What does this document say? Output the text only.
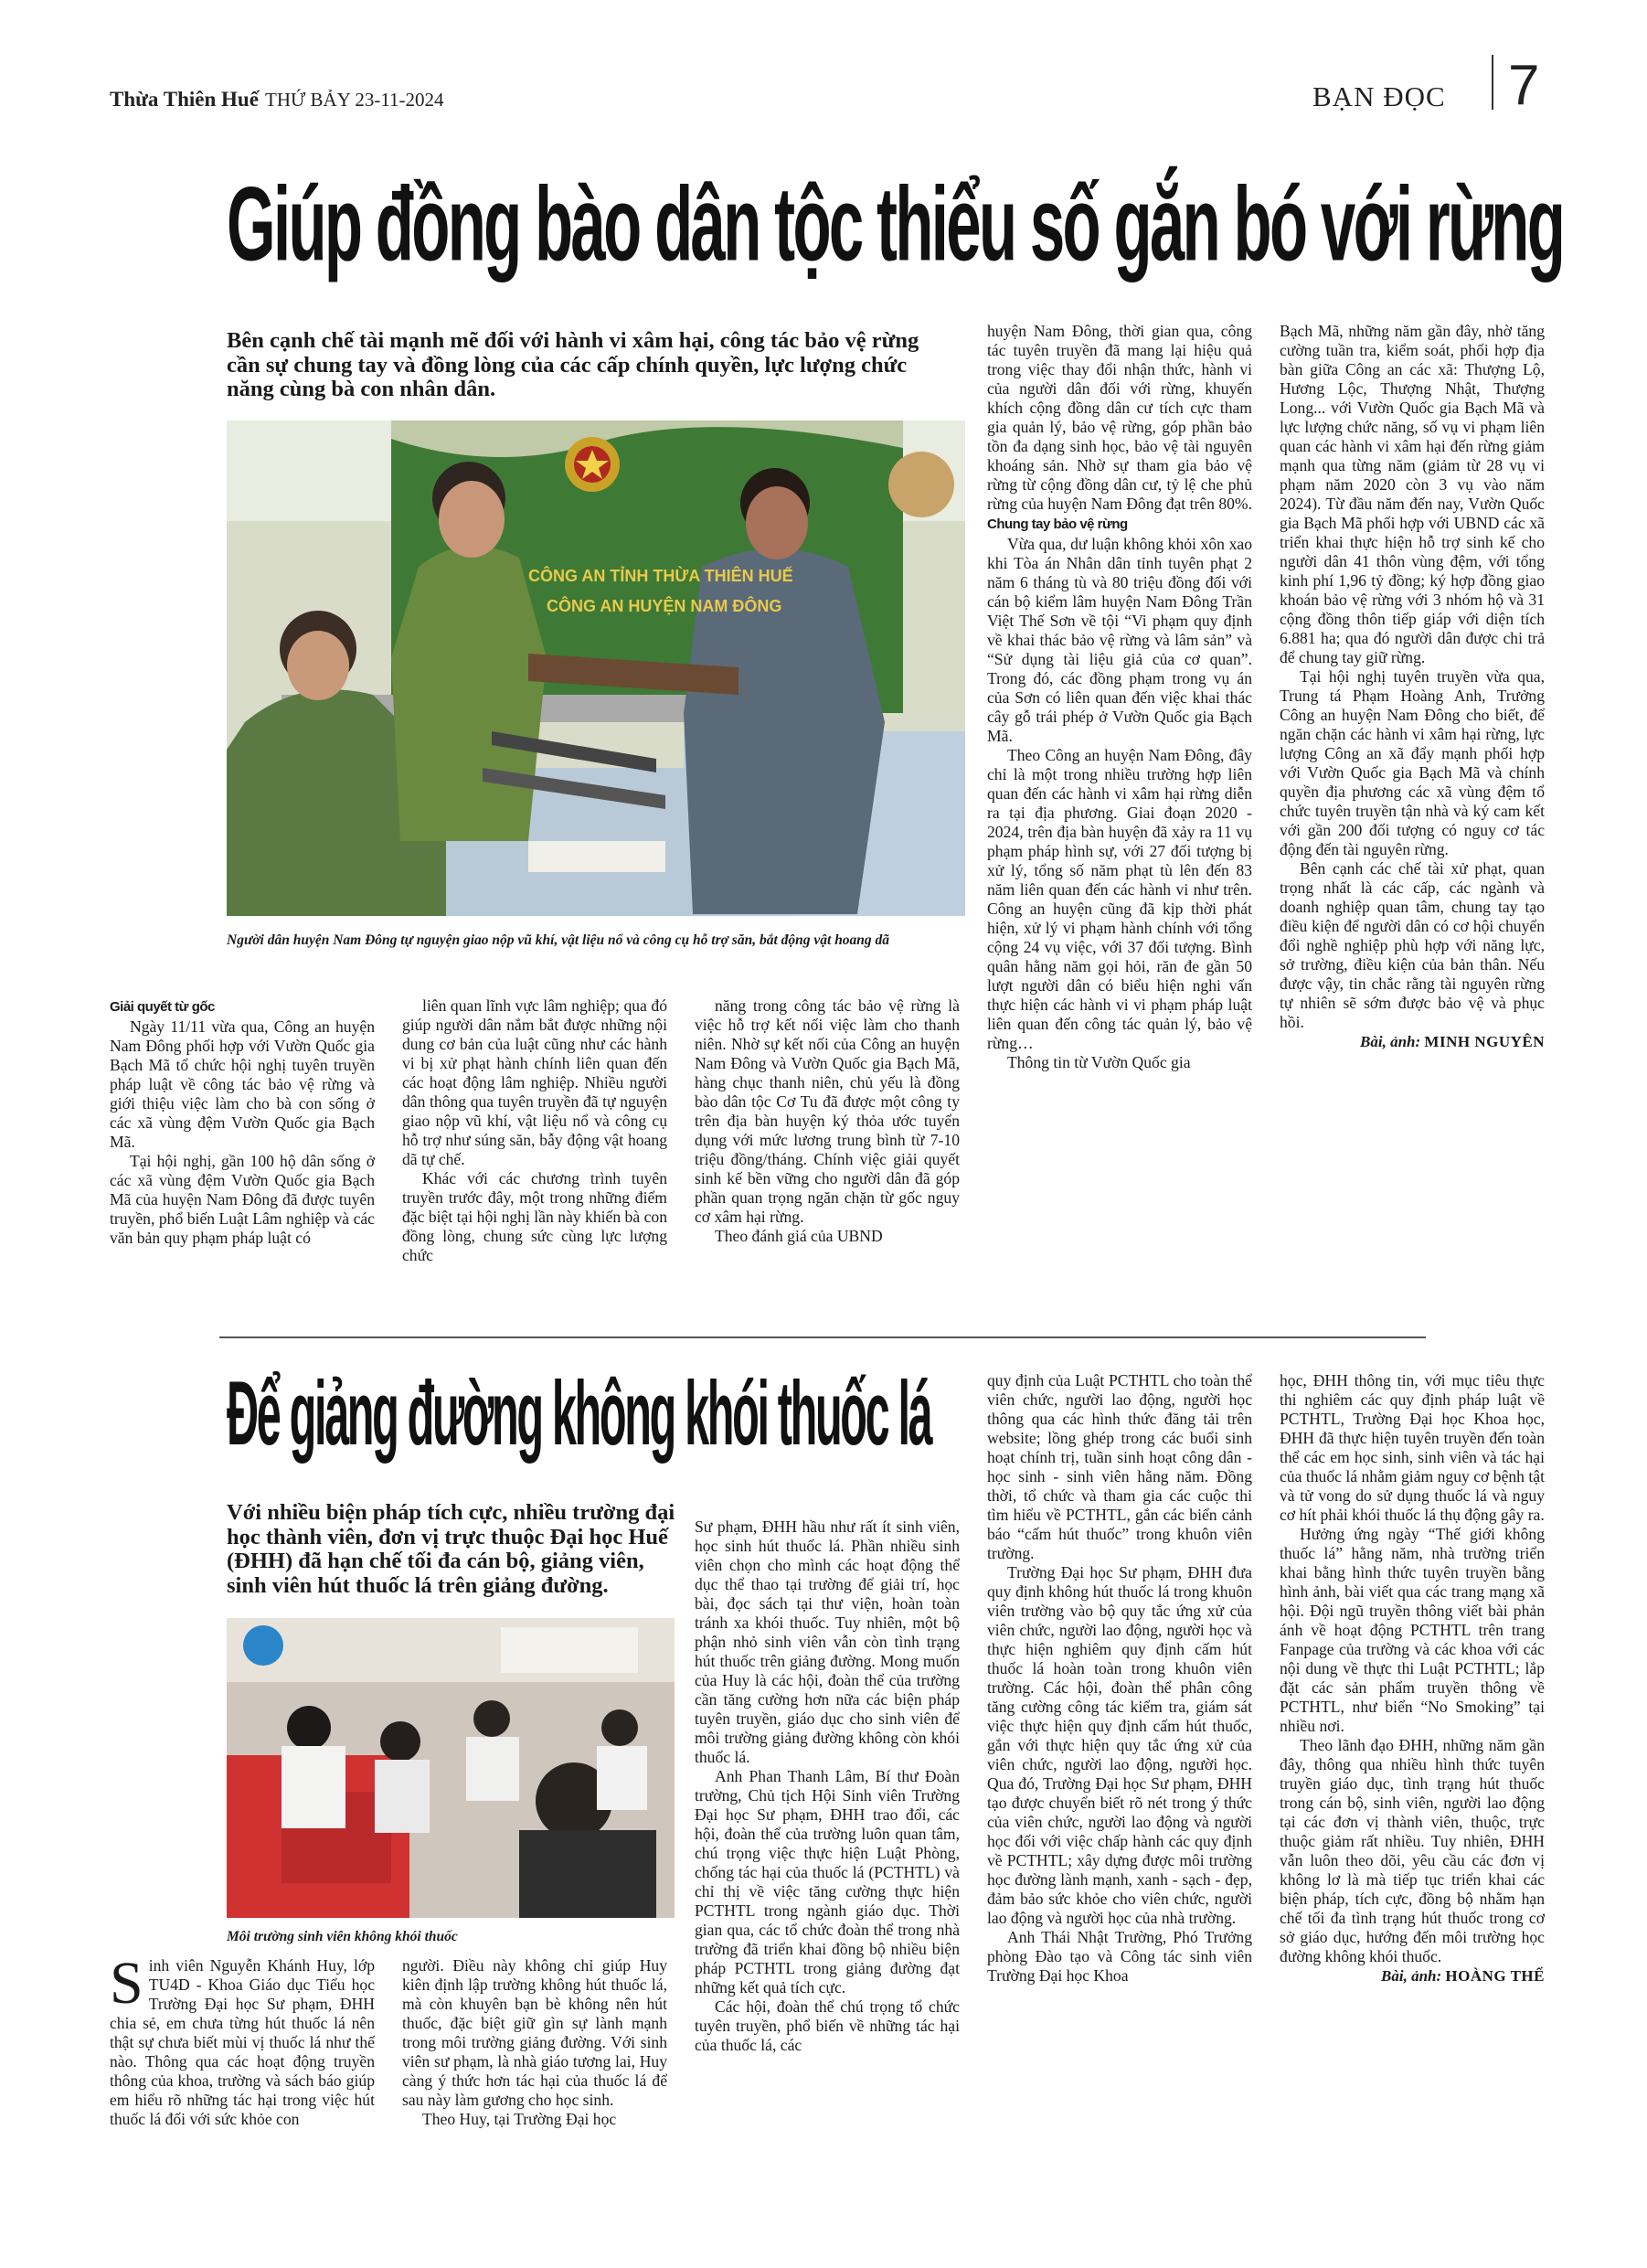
Thừa Thiên Huế THỨ BẢY 23-11-2024	BẠN ĐỌC 7
Giúp đồng bào dân tộc thiểu số gắn bó với rừng
Bên cạnh chế tài mạnh mẽ đối với hành vi xâm hại, công tác bảo vệ rừng cần sự chung tay và đồng lòng của các cấp chính quyền, lực lượng chức năng cùng bà con nhân dân.
CÔNG AN TỈNH THỪA THIÊN HUẾ
CÔNG AN HUYỆN NAM ĐÔNG
Người dân huyện Nam Đông tự nguyện giao nộp vũ khí, vật liệu nổ và công cụ hỗ trợ săn, bắt động vật hoang dã
Giải quyết từ gốc

Ngày 11/11 vừa qua, Công an huyện Nam Đông phối hợp với Vườn Quốc gia Bạch Mã tổ chức hội nghị tuyên truyền pháp luật về công tác bảo vệ rừng và giới thiệu việc làm cho bà con sống ở các xã vùng đệm Vườn Quốc gia Bạch Mã.

Tại hội nghị, gần 100 hộ dân sống ở các xã vùng đệm Vườn Quốc gia Bạch Mã của huyện Nam Đông đã được tuyên truyền, phổ biến Luật Lâm nghiệp và các văn bản quy phạm pháp luật có

liên quan lĩnh vực lâm nghiệp; qua đó giúp người dân nắm bắt được những nội dung cơ bản của luật cũng như các hành vi bị xử phạt hành chính liên quan đến các hoạt động lâm nghiệp. Nhiều người dân thông qua tuyên truyền đã tự nguyện giao nộp vũ khí, vật liệu nổ và công cụ hỗ trợ như súng săn, bẫy động vật hoang dã tự chế.

Khác với các chương trình tuyên truyền trước đây, một trong những điểm đặc biệt tại hội nghị lần này khiến bà con đồng lòng, chung sức cùng lực lượng chức

năng trong công tác bảo vệ rừng là việc hỗ trợ kết nối việc làm cho thanh niên. Nhờ sự kết nối của Công an huyện Nam Đông và Vườn Quốc gia Bạch Mã, hàng chục thanh niên, chủ yếu là đồng bào dân tộc Cơ Tu đã được một công ty trên địa bàn huyện ký thỏa ước tuyển dụng với mức lương trung bình từ 7-10 triệu đồng/tháng. Chính việc giải quyết sinh kế bền vững cho người dân đã góp phần quan trọng ngăn chặn từ gốc nguy cơ xâm hại rừng.

Theo đánh giá của UBND

huyện Nam Đông, thời gian qua, công tác tuyên truyền đã mang lại hiệu quả trong việc thay đổi nhận thức, hành vi của người dân đối với rừng, khuyến khích cộng đồng dân cư tích cực tham gia quản lý, bảo vệ rừng, góp phần bảo tồn đa dạng sinh học, bảo vệ tài nguyên khoáng sản. Nhờ sự tham gia bảo vệ rừng từ cộng đồng dân cư, tỷ lệ che phủ rừng của huyện Nam Đông đạt trên 80%.

Chung tay bảo vệ rừng

Vừa qua, dư luận không khỏi xôn xao khi Tòa án Nhân dân tỉnh tuyên phạt 2 năm 6 tháng tù và 80 triệu đồng đối với cán bộ kiểm lâm huyện Nam Đông Trần Việt Thế Sơn về tội “Vi phạm quy định về khai thác bảo vệ rừng và lâm sản” và “Sử dụng tài liệu giả của cơ quan”. Trong đó, các đồng phạm trong vụ án của Sơn có liên quan đến việc khai thác cây gỗ trái phép ở Vườn Quốc gia Bạch Mã.

Theo Công an huyện Nam Đông, đây chỉ là một trong nhiều trường hợp liên quan đến các hành vi xâm hại rừng diễn ra tại địa phương. Giai đoạn 2020 - 2024, trên địa bàn huyện đã xảy ra 11 vụ phạm pháp hình sự, với 27 đối tượng bị xử lý, tổng số năm phạt tù lên đến 83 năm liên quan đến các hành vi như trên. Công an huyện cũng đã kịp thời phát hiện, xử lý vi phạm hành chính với tổng cộng 24 vụ việc, với 37 đối tượng. Bình quân hằng năm gọi hỏi, răn đe gần 50 lượt người dân có biểu hiện nghi vấn thực hiện các hành vi vi phạm pháp luật liên quan đến công tác quản lý, bảo vệ rừng…

Thông tin từ Vườn Quốc gia

Bạch Mã, những năm gần đây, nhờ tăng cường tuần tra, kiểm soát, phối hợp địa bàn giữa Công an các xã: Thượng Lộ, Hương Lộc, Thượng Nhật, Thượng Long... với Vườn Quốc gia Bạch Mã và lực lượng chức năng, số vụ vi phạm liên quan các hành vi xâm hại đến rừng giảm mạnh qua từng năm (giảm từ 28 vụ vi phạm năm 2020 còn 3 vụ vào năm 2024). Từ đầu năm đến nay, Vườn Quốc gia Bạch Mã phối hợp với UBND các xã triển khai thực hiện hỗ trợ sinh kế cho người dân 41 thôn vùng đệm, với tổng kinh phí 1,96 tỷ đồng; ký hợp đồng giao khoán bảo vệ rừng với 3 nhóm hộ và 31 cộng đồng thôn tiếp giáp với diện tích 6.881 ha; qua đó người dân được chi trả để chung tay giữ rừng.

Tại hội nghị tuyên truyền vừa qua, Trung tá Phạm Hoàng Anh, Trưởng Công an huyện Nam Đông cho biết, để ngăn chặn các hành vi xâm hại rừng, lực lượng Công an xã đẩy mạnh phối hợp với Vườn Quốc gia Bạch Mã và chính quyền địa phương các xã vùng đệm tổ chức tuyên truyền tận nhà và ký cam kết với gần 200 đối tượng có nguy cơ tác động đến tài nguyên rừng.

Bên cạnh các chế tài xử phạt, quan trọng nhất là các cấp, các ngành và doanh nghiệp quan tâm, chung tay tạo điều kiện để người dân có cơ hội chuyển đổi nghề nghiệp phù hợp với năng lực, sở trường, điều kiện của bản thân. Nếu được vậy, tin chắc rằng tài nguyên rừng tự nhiên sẽ sớm được bảo vệ và phục hồi.

Bài, ảnh: MINH NGUYÊN

Để giảng đường không khói thuốc lá
Với nhiều biện pháp tích cực, nhiều trường đại học thành viên, đơn vị trực thuộc Đại học Huế (ĐHH) đã hạn chế tối đa cán bộ, giảng viên, sinh viên hút thuốc lá trên giảng đường.
Môi trường sinh viên không khói thuốc

Sinh viên Nguyễn Khánh Huy, lớp TU4D - Khoa Giáo dục Tiểu học Trường Đại học Sư phạm, ĐHH chia sẻ, em chưa từng hút thuốc lá nên thật sự chưa biết mùi vị thuốc lá như thế nào. Thông qua các hoạt động truyền thông của khoa, trường và sách báo giúp em hiểu rõ những tác hại trong việc hút thuốc lá đối với sức khỏe con

người. Điều này không chỉ giúp Huy kiên định lập trường không hút thuốc lá, mà còn khuyên bạn bè không nên hút thuốc, đặc biệt giữ gìn sự lành mạnh trong môi trường giảng đường. Với sinh viên sư phạm, là nhà giáo tương lai, Huy càng ý thức hơn tác hại của thuốc lá để sau này làm gương cho học sinh.

Theo Huy, tại Trường Đại học

Sư phạm, ĐHH hầu như rất ít sinh viên, học sinh hút thuốc lá. Phần nhiều sinh viên chọn cho mình các hoạt động thể dục thể thao tại trường để giải trí, học bài, đọc sách tại thư viện, hoàn toàn tránh xa khói thuốc. Tuy nhiên, một bộ phận nhỏ sinh viên vẫn còn tình trạng hút thuốc trên giảng đường. Mong muốn của Huy là các hội, đoàn thể của trường cần tăng cường hơn nữa các biện pháp tuyên truyền, giáo dục cho sinh viên để môi trường giảng đường không còn khói thuốc lá.

Anh Phan Thanh Lâm, Bí thư Đoàn trường, Chủ tịch Hội Sinh viên Trường Đại học Sư phạm, ĐHH trao đổi, các hội, đoàn thể của trường luôn quan tâm, chú trọng việc thực hiện Luật Phòng, chống tác hại của thuốc lá (PCTHTL) và chỉ thị về việc tăng cường thực hiện PCTHTL trong ngành giáo dục. Thời gian qua, các tổ chức đoàn thể trong nhà trường đã triển khai đồng bộ nhiều biện pháp PCTHTL trong giảng đường đạt những kết quả tích cực.

Các hội, đoàn thể chú trọng tổ chức tuyên truyền, phổ biến về những tác hại của thuốc lá, các

quy định của Luật PCTHTL cho toàn thể viên chức, người lao động, người học thông qua các hình thức đăng tải trên website; lồng ghép trong các buổi sinh hoạt chính trị, tuần sinh hoạt công dân - học sinh - sinh viên hằng năm. Đồng thời, tổ chức và tham gia các cuộc thi tìm hiểu về PCTHTL, gắn các biển cảnh báo “cấm hút thuốc” trong khuôn viên trường.

Trường Đại học Sư phạm, ĐHH đưa quy định không hút thuốc lá trong khuôn viên trường vào bộ quy tắc ứng xử của viên chức, người lao động, người học và thực hiện nghiêm quy định cấm hút thuốc lá hoàn toàn trong khuôn viên trường. Các hội, đoàn thể phân công tăng cường công tác kiểm tra, giám sát việc thực hiện quy định cấm hút thuốc, gắn với thực hiện quy tắc ứng xử của viên chức, người lao động, người học. Qua đó, Trường Đại học Sư phạm, ĐHH tạo được chuyển biết rõ nét trong ý thức của viên chức, người lao động và người học đối với việc chấp hành các quy định về PCTHTL; xây dựng được môi trường học đường lành mạnh, xanh - sạch - đẹp, đảm bảo sức khỏe cho viên chức, người lao động và người học của nhà trường.

Anh Thái Nhật Trường, Phó Trưởng phòng Đào tạo và Công tác sinh viên Trường Đại học Khoa

học, ĐHH thông tin, với mục tiêu thực thi nghiêm các quy định pháp luật về PCTHTL, Trường Đại học Khoa học, ĐHH đã thực hiện tuyên truyền đến toàn thể các em học sinh, sinh viên và tác hại của thuốc lá nhằm giảm nguy cơ bệnh tật và tử vong do sử dụng thuốc lá và nguy cơ hít phải khói thuốc lá thụ động gây ra.

Hưởng ứng ngày “Thế giới không thuốc lá” hằng năm, nhà trường triển khai bằng hình thức tuyên truyền bằng hình ảnh, bài viết qua các trang mạng xã hội. Đội ngũ truyền thông viết bài phản ánh về hoạt động PCTHTL trên trang Fanpage của trường và các khoa với các nội dung về thực thi Luật PCTHTL; lắp đặt các sản phẩm truyền thông về PCTHTL, như biển “No Smoking” tại nhiều nơi.

Theo lãnh đạo ĐHH, những năm gần đây, thông qua nhiều hình thức tuyên truyền giáo dục, tình trạng hút thuốc trong cán bộ, sinh viên, người lao động tại các đơn vị thành viên, thuộc, trực thuộc giảm rất nhiều. Tuy nhiên, ĐHH vẫn luôn theo dõi, yêu cầu các đơn vị không lơ là mà tiếp tục triển khai các biện pháp, tích cực, đồng bộ nhằm hạn chế tối đa tình trạng hút thuốc trong cơ sở giáo dục, hướng đến môi trường học đường không khói thuốc.

Bài, ảnh: HOÀNG THẾ
